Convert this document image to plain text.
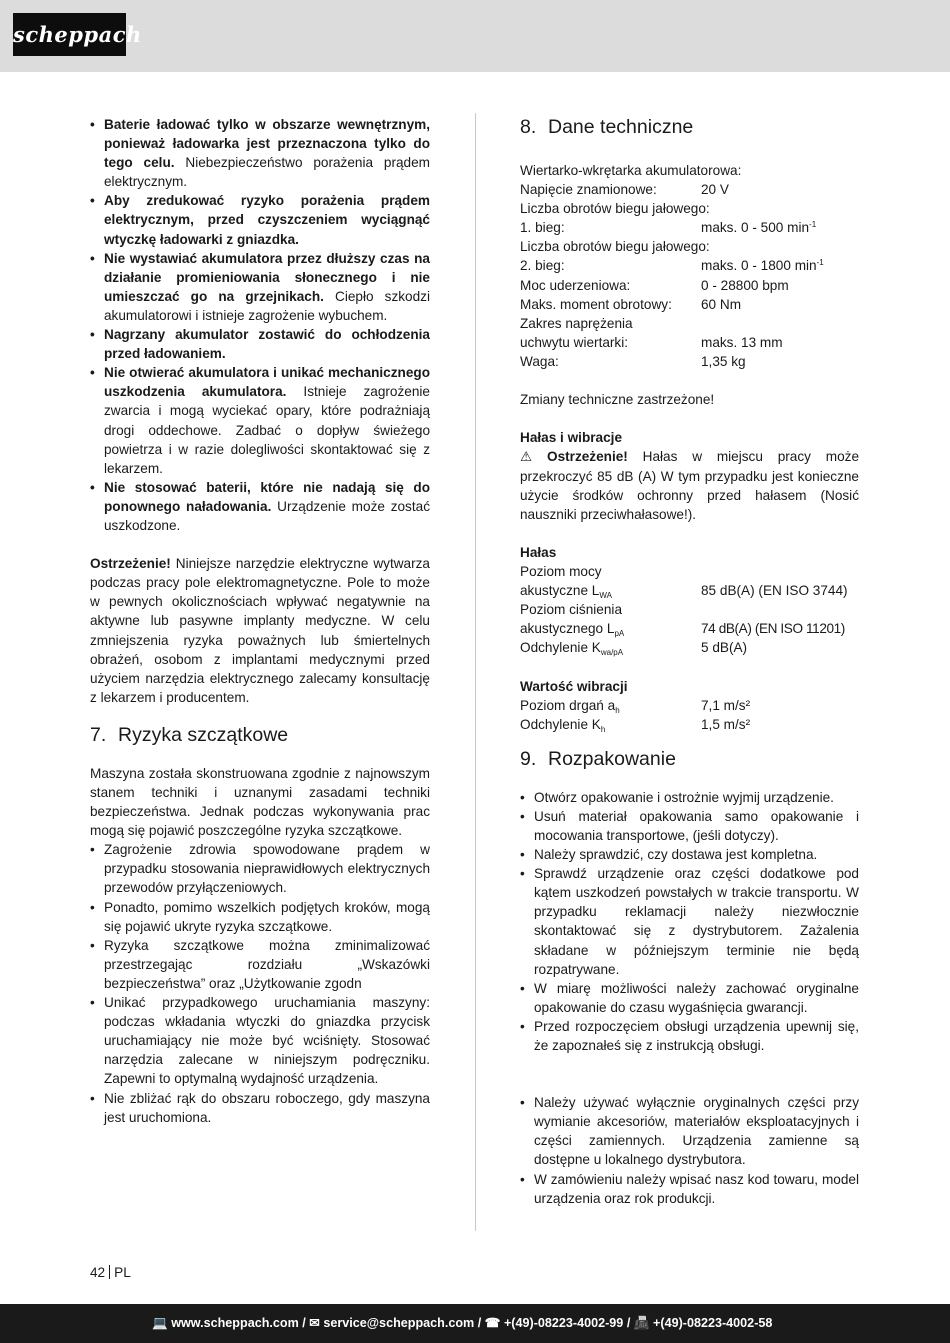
scheppach
• Baterie ładować tylko w obszarze wewnętrznym, ponieważ ładowarka jest przeznaczona tylko do tego celu. Niebezpieczeństwo porażenia prądem elektrycznym.
• Aby zredukować ryzyko porażenia prądem elektrycznym, przed czyszczeniem wyciągnąć wtyczkę ładowarki z gniazdka.
• Nie wystawiać akumulatora przez dłuższy czas na działanie promieniowania słonecznego i nie umieszczać go na grzejnikach. Ciepło szkodzi akumulatorowi i istnieje zagrożenie wybuchem.
• Nagrzany akumulator zostawić do ochłodzenia przed ładowaniem.
• Nie otwierać akumulatora i unikać mechanicznego uszkodzenia akumulatora. Istnieje zagrożenie zwarcia i mogą wyciekać opary, które podrażniają drogi oddechowe. Zadbać o dopływ świeżego powietrza i w razie dolegliwości skontaktować się z lekarzem.
• Nie stosować baterii, które nie nadają się do ponownego naładowania. Urządzenie może zostać uszkodzone.

Ostrzeżenie! Niniejsze narzędzie elektryczne wytwarza podczas pracy pole elektromagnetyczne. Pole to może w pewnych okolicznościach wpływać negatywnie na aktywne lub pasywne implanty medyczne. W celu zmniejszenia ryzyka poważnych lub śmiertelnych obrażeń, osobom z implantami medycznymi przed użyciem narzędzia elektrycznego zalecamy konsultację z lekarzem i producentem.

7. Ryzyka szczątkowe

Maszyna została skonstruowana zgodnie z najnowszym stanem techniki i uznanymi zasadami techniki bezpieczeństwa. Jednak podczas wykonywania prac mogą się pojawić poszczególne ryzyka szczątkowe.

• Zagrożenie zdrowia spowodowane prądem w przypadku stosowania nieprawidłowych elektrycznych przewodów przyłączeniowych.
• Ponadto, pomimo wszelkich podjętych kroków, mogą się pojawić ukryte ryzyka szczątkowe.
• Ryzyka szczątkowe można zminimalizować przestrzegając rozdziału „Wskazówki bezpieczeństwa” oraz „Użytkowanie zgodn
• Unikać przypadkowego uruchamiania maszyny: podczas wkładania wtyczki do gniazdka przycisk uruchamiający nie może być wciśnięty. Stosować narzędzia zalecane w niniejszym podręczniku. Zapewni to optymalną wydajność urządzenia.
• Nie zbliżać rąk do obszaru roboczego, gdy maszyna jest uruchomiona.
8. Dane techniczne
Wiertarko-wkrętarka akumulatorowa:
Napięcie znamionowe:	20 V
Liczba obrotów biegu jałowego:
1. bieg:	maks. 0 - 500 $\min^{-1}$
Liczba obrotów biegu jałowego:
2. bieg:	maks. 0 - 1800 $\min^{-1}$
Moc uderzeniowa:	0 - 28800 bpm
Maks. moment obrotowy:	60 Nm
Zakres naprężenia
uchwytu wiertarki:	maks. 13 mm
Waga:	1,35 kg

Zmiany techniczne zastrzeżone!

Hałas i wibracje

⚠ Ostrzeżenie! Hałas w miejscu pracy może przekroczyć 85 dB (A) W tym przypadku jest konieczne użycie środków ochronny przed hałasem (Nosić nauszniki przeciwhałasowe!).

Hałas

Poziom mocy
akustyczne $L_{WA}$	85 dB(A) (EN ISO 3744)
Poziom ciśnienia
akustycznego $L_{pA}$	74 dB(A) (EN ISO 11201)
Odchylenie $K_{wa/pA}$	5 dB(A)

Wartość wibracji

Poziom drgań $a_h$	7,1 m/s²
Odchylenie $K_h$	1,5 m/s²
9. Rozpakowanie
• Otwórz opakowanie i ostrożnie wyjmij urządzenie.
• Usuń materiał opakowania samo opakowanie i mocowania transportowe, (jeśli dotyczy).
• Należy sprawdzić, czy dostawa jest kompletna.
• Sprawdź urządzenie oraz części dodatkowe pod kątem uszkodzeń powstałych w trakcie transportu. W przypadku reklamacji należy niezwłocznie skontaktować się z dystrybutorem. Zażalenia składane w późniejszym terminie nie będą rozpatrywane.
• W miarę możliwości należy zachować oryginalne opakowanie do czasu wygaśnięcia gwarancji.
• Przed rozpoczęciem obsługi urządzenia upewnij się, że zapoznałeś się z instrukcją obsługi.
• Należy używać wyłącznie oryginalnych części przy wymianie akcesoriów, materiałów eksploatacyjnych i części zamiennych. Urządzenia zamienne są dostępne u lokalnego dystrybutora.
• W zamówieniu należy wpisać nasz kod towaru, model urządzenia oraz rok produkcji.
42 PL
💻 www.scheppach.com / ✉ service@scheppach.com / ☎ +(49)-08223-4002-99 / 📠 +(49)-08223-4002-58
